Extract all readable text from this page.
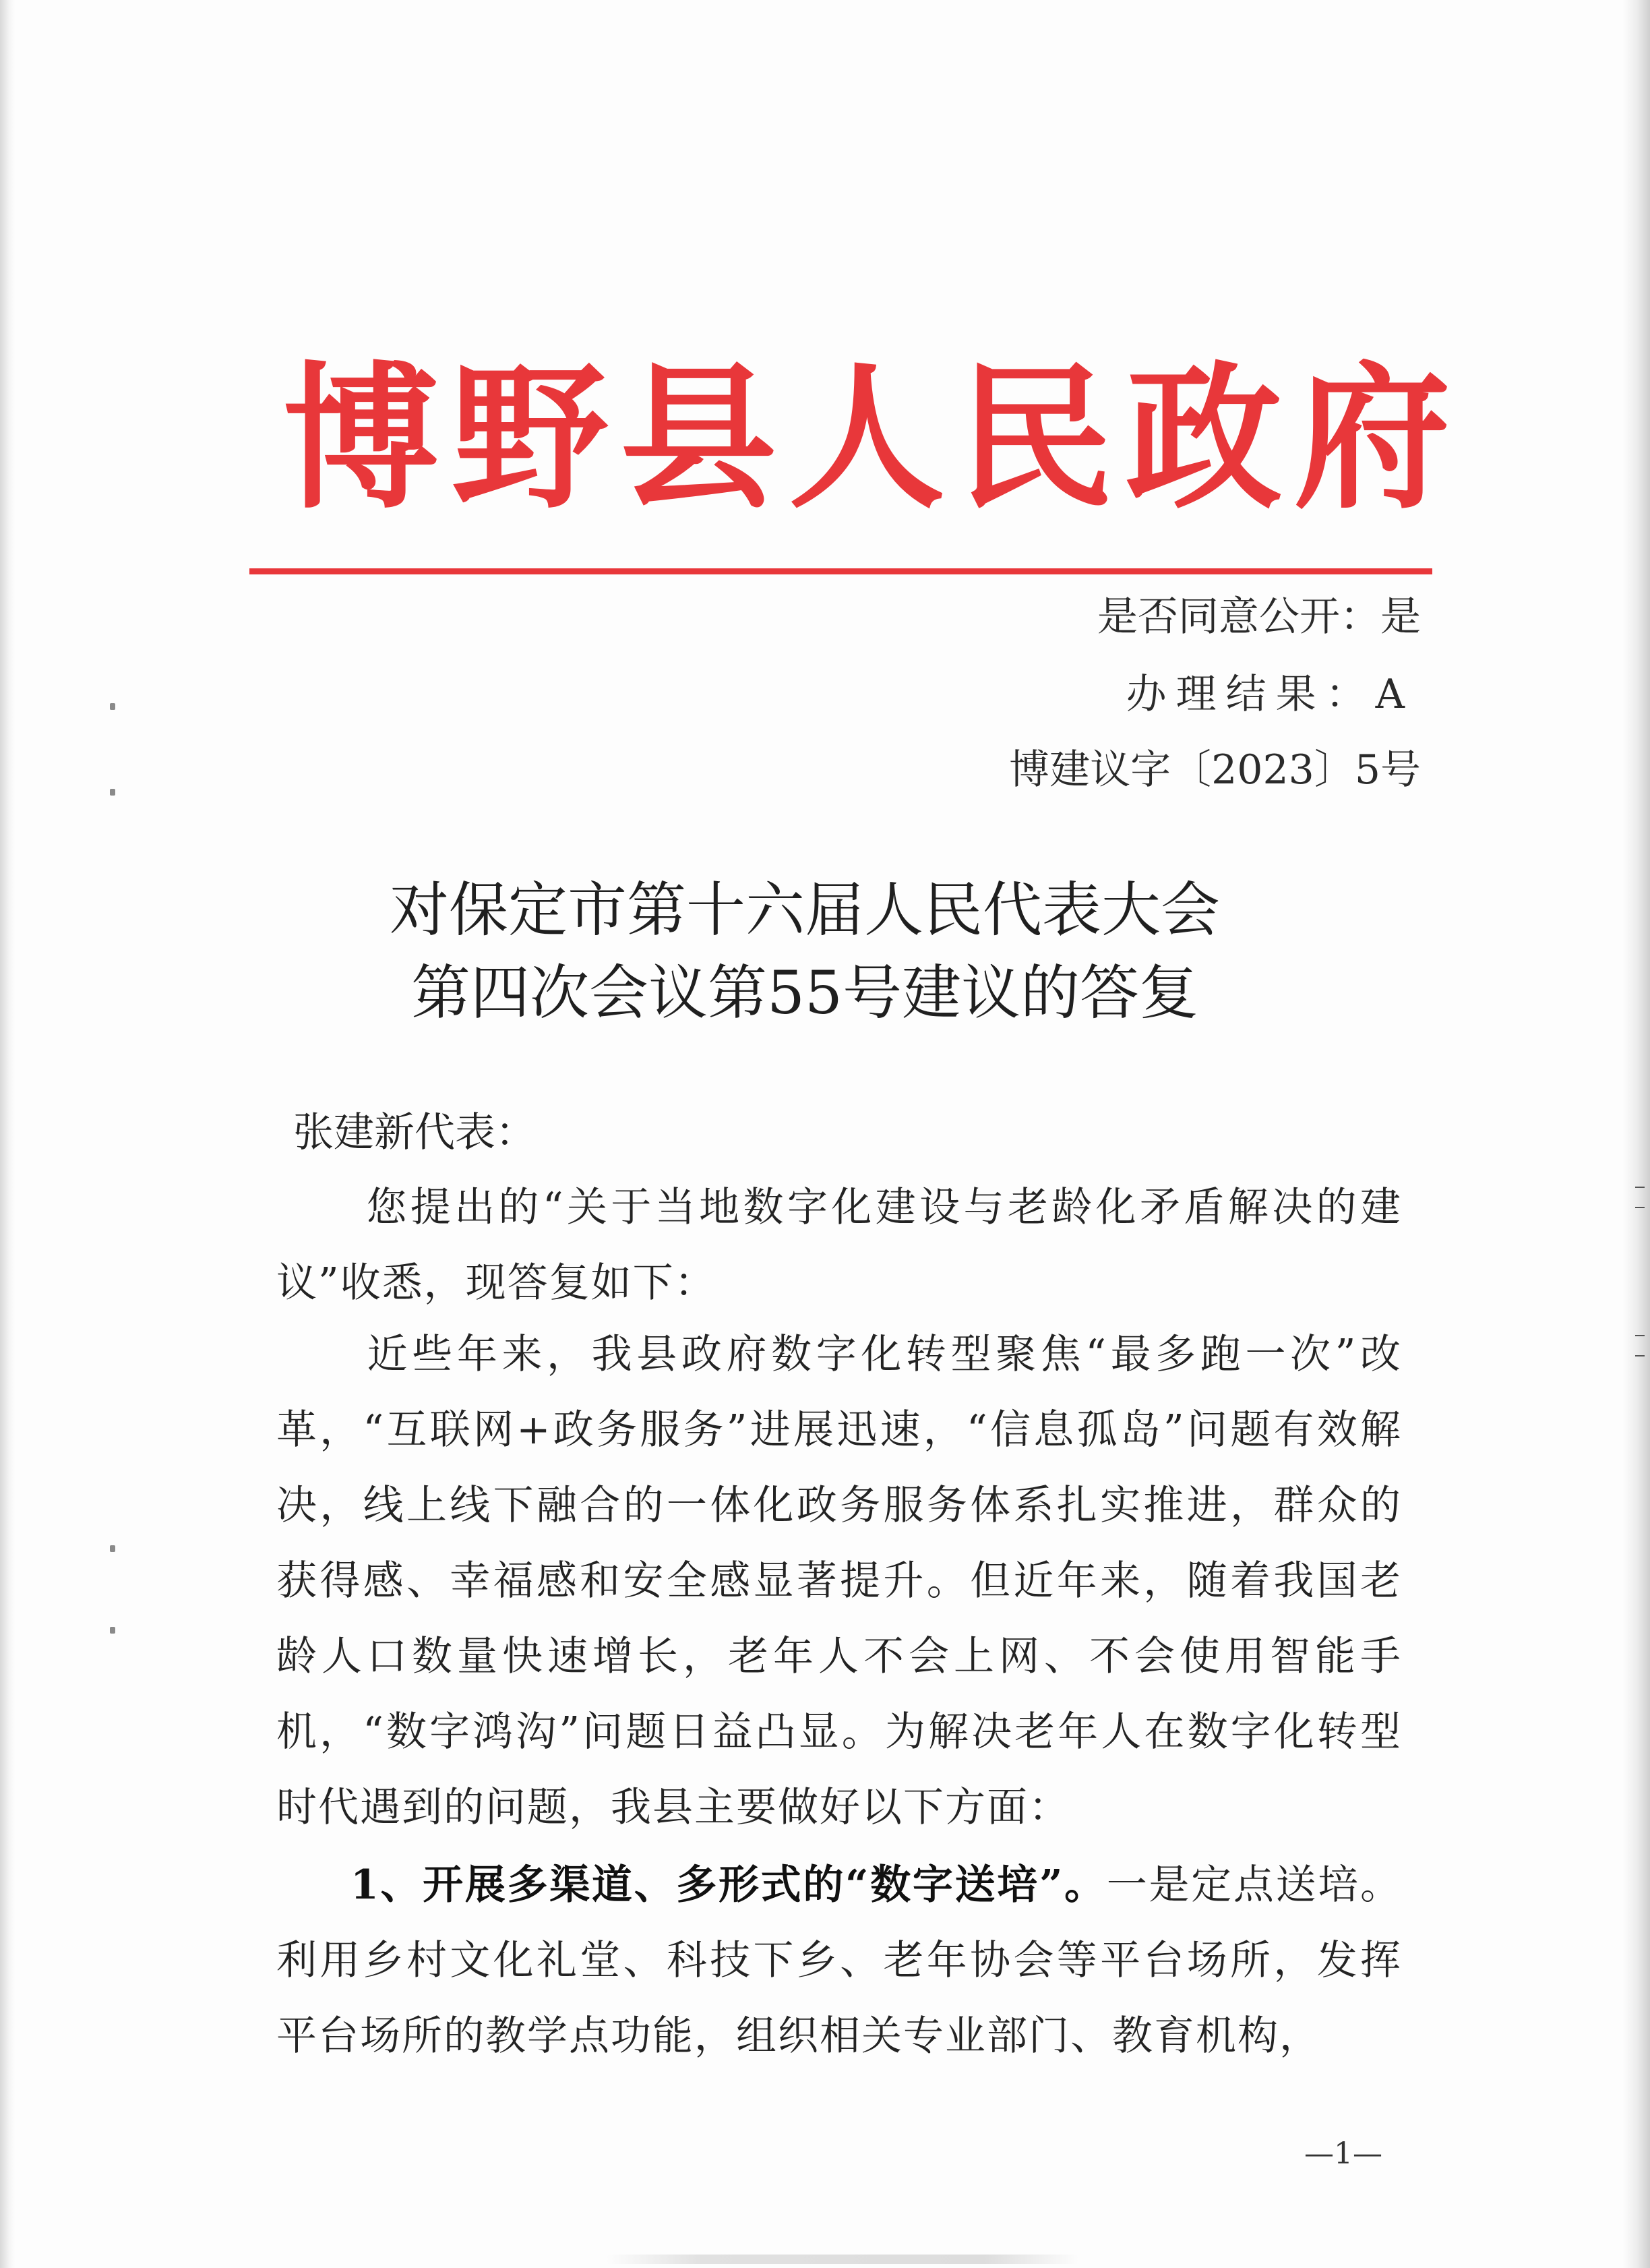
博野县人民政府
是否同意公开：是
办理结果：A
博建议字〔2023〕5号
对保定市第十六届人民代表大会
第四次会议第55号建议的答复
张建新代表：
您提出的“关于当地数字化建设与老龄化矛盾解决的建议”收悉，现答复如下：
近些年来，我县政府数字化转型聚焦“最多跑一次”改革，“互联网+政务服务”进展迅速，“信息孤岛”问题有效解决，线上线下融合的一体化政务服务体系扎实推进，群众的获得感、幸福感和安全感显著提升。但近年来，随着我国老龄人口数量快速增长，老年人不会上网、不会使用智能手机，“数字鸿沟”问题日益凸显。为解决老年人在数字化转型时代遇到的问题，我县主要做好以下方面：
1、开展多渠道、多形式的“数字送培”。一是定点送培。利用乡村文化礼堂、科技下乡、老年协会等平台场所，发挥平台场所的教学点功能，组织相关专业部门、教育机构，
—1—
